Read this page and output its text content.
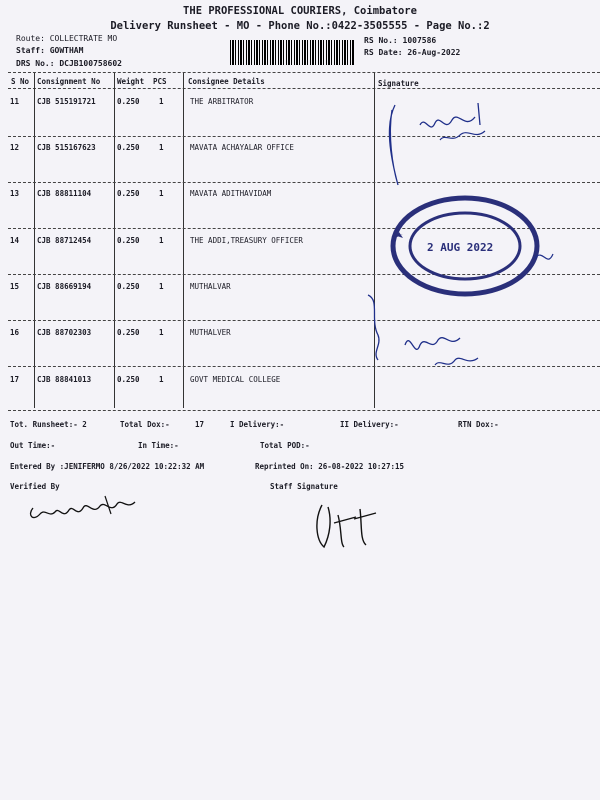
THE PROFESSIONAL COURIERS, Coimbatore
Delivery Runsheet - MO - Phone No.:0422-3505555 - Page No.:2
Route: COLLECTRATE MO
Staff: GOWTHAM
DRS No.: DCJB100758602
RS No.: 1007586
RS Date: 26-Aug-2022
S No Consignment No Weight PCS	Consignee Details	Signature
11 CJB 515191721	0.250	1	THE ARBITRATOR
12 CJB 515167623	0.250	1	MAVATA ACHAYALAR OFFICE
13 CJB 88811104	0.250	1	MAVATA ADITHAVIDAM
14 CJB 88712454	0.250	1	THE ADDI,TREASURY OFFICER
15 CJB 88669194	0.250	1	MUTHALVAR
16 CJB 88702303	0.250	1	MUTHALVER
17 CJB 88841013	0.250	1	GOVT MEDICAL COLLEGE
2 AUG 2022
Tot. Runsheet:- 2	Total Dox:-	17	I Delivery:-	II Delivery:-	RTN Dox:-
Out Time:-	In Time:-	Total POD:-
Entered By :JENIFERMO 8/26/2022 10:22:32 AM	Reprinted On: 26-08-2022 10:27:15
Verified By	Staff Signature
